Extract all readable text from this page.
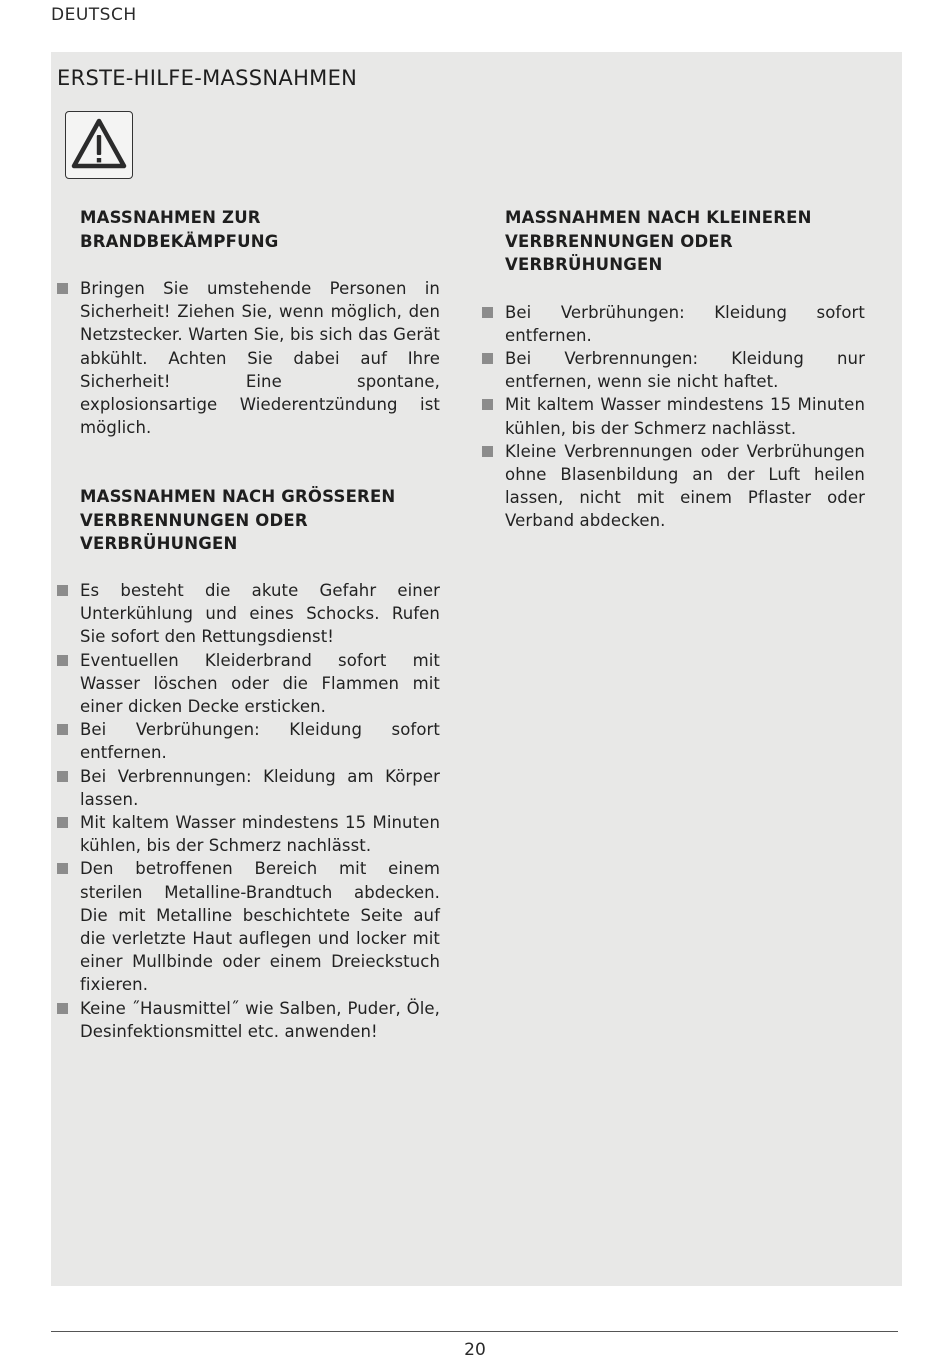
DEUTSCH
ERSTE-HILFE-MASSNAHMEN
MASSNAHMEN ZUR BRANDBEKÄMPFUNG
Bringen Sie umstehende Personen in Sicherheit! Ziehen Sie, wenn möglich, den Netzstecker. Warten Sie, bis sich das Gerät abkühlt. Achten Sie dabei auf Ihre Sicherheit! Eine spontane, explosionsartige Wiederentzündung ist möglich.
MASSNAHMEN NACH GRÖSSEREN VERBRENNUNGEN ODER VERBRÜHUNGEN
Es besteht die akute Gefahr einer Unterkühlung und eines Schocks. Rufen Sie sofort den Rettungsdienst!
Eventuellen Kleiderbrand sofort mit Wasser löschen oder die Flammen mit einer dicken Decke ersticken.
Bei Verbrühungen: Kleidung sofort entfernen.
Bei Verbrennungen: Kleidung am Körper lassen.
Mit kaltem Wasser mindestens 15 Minuten kühlen, bis der Schmerz nachlässt.
Den betroffenen Bereich mit einem sterilen Metalline-Brandtuch abdecken. Die mit Metalline beschichtete Seite auf die verletzte Haut auflegen und locker mit einer Mullbinde oder einem Dreieckstuch fixieren.
Keine ˝Hausmittel˝ wie Salben, Puder, Öle, Desinfektionsmittel etc. anwenden!
MASSNAHMEN NACH KLEINEREN VERBRENNUNGEN ODER VERBRÜHUNGEN
Bei Verbrühungen: Kleidung sofort entfernen.
Bei Verbrennungen: Kleidung nur entfernen, wenn sie nicht haftet.
Mit kaltem Wasser mindestens 15 Minuten kühlen, bis der Schmerz nachlässt.
Kleine Verbrennungen oder Verbrühungen ohne Blasenbildung an der Luft heilen lassen, nicht mit einem Pflaster oder Verband abdecken.
20
